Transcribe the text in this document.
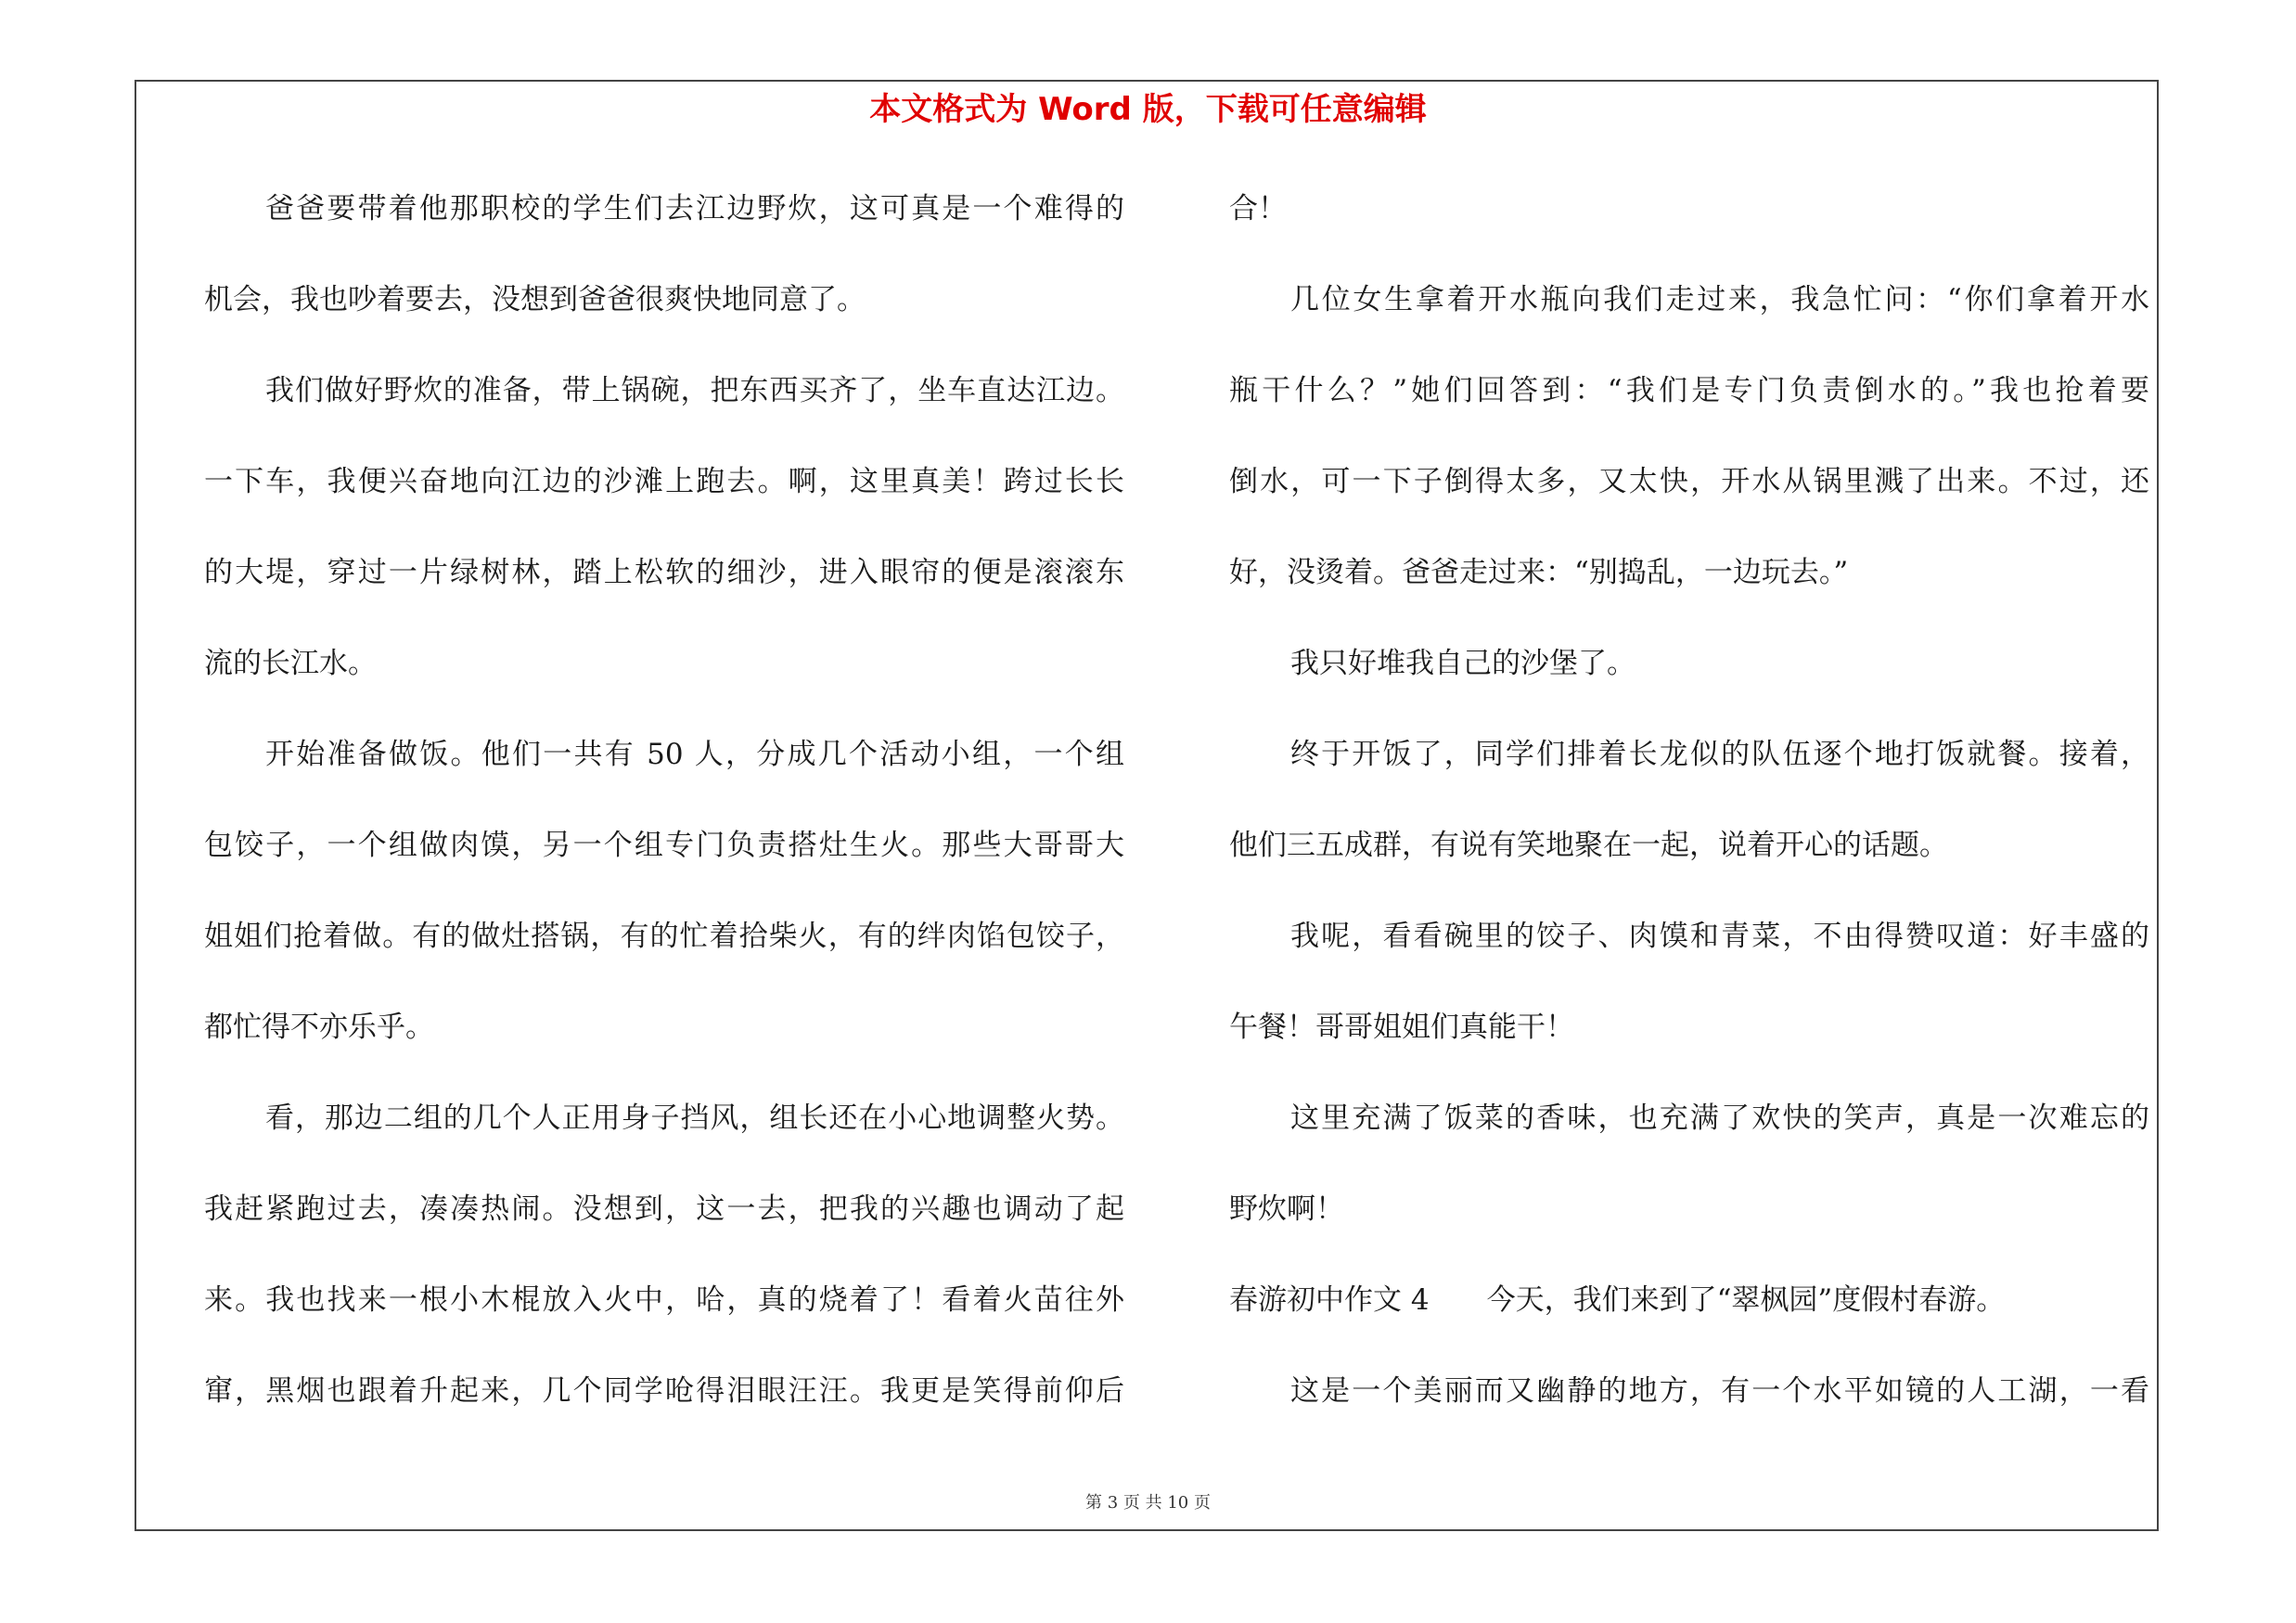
本文格式为 Word 版，下载可任意编辑
爸爸要带着他那职校的学生们去江边野炊，这可真是一个难得的
机会，我也吵着要去，没想到爸爸很爽快地同意了。
我们做好野炊的准备，带上锅碗，把东西买齐了，坐车直达江边。
一下车，我便兴奋地向江边的沙滩上跑去。啊，这里真美！跨过长长
的大堤，穿过一片绿树林，踏上松软的细沙，进入眼帘的便是滚滚东
流的长江水。
开始准备做饭。他们一共有 50 人，分成几个活动小组，一个组
包饺子，一个组做肉馍，另一个组专门负责搭灶生火。那些大哥哥大
姐姐们抢着做。有的做灶搭锅，有的忙着拾柴火，有的绊肉馅包饺子，
都忙得不亦乐乎。
看，那边二组的几个人正用身子挡风，组长还在小心地调整火势。
我赶紧跑过去，凑凑热闹。没想到，这一去，把我的兴趣也调动了起
来。我也找来一根小木棍放入火中，哈，真的烧着了！看着火苗往外
窜，黑烟也跟着升起来，几个同学呛得泪眼汪汪。我更是笑得前仰后
合！
几位女生拿着开水瓶向我们走过来，我急忙问：“你们拿着开水
瓶干什么？”她们回答到：“我们是专门负责倒水的。”我也抢着要
倒水，可一下子倒得太多，又太快，开水从锅里溅了出来。不过，还
好，没烫着。爸爸走过来：“别捣乱，一边玩去。”
我只好堆我自己的沙堡了。
终于开饭了，同学们排着长龙似的队伍逐个地打饭就餐。接着，
他们三五成群，有说有笑地聚在一起，说着开心的话题。
我呢，看看碗里的饺子、肉馍和青菜，不由得赞叹道：好丰盛的
午餐！哥哥姐姐们真能干！
这里充满了饭菜的香味，也充满了欢快的笑声，真是一次难忘的
野炊啊！
春游初中作文 4　　今天，我们来到了“翠枫园”度假村春游。
这是一个美丽而又幽静的地方，有一个水平如镜的人工湖，一看
第 3 页 共 10 页
